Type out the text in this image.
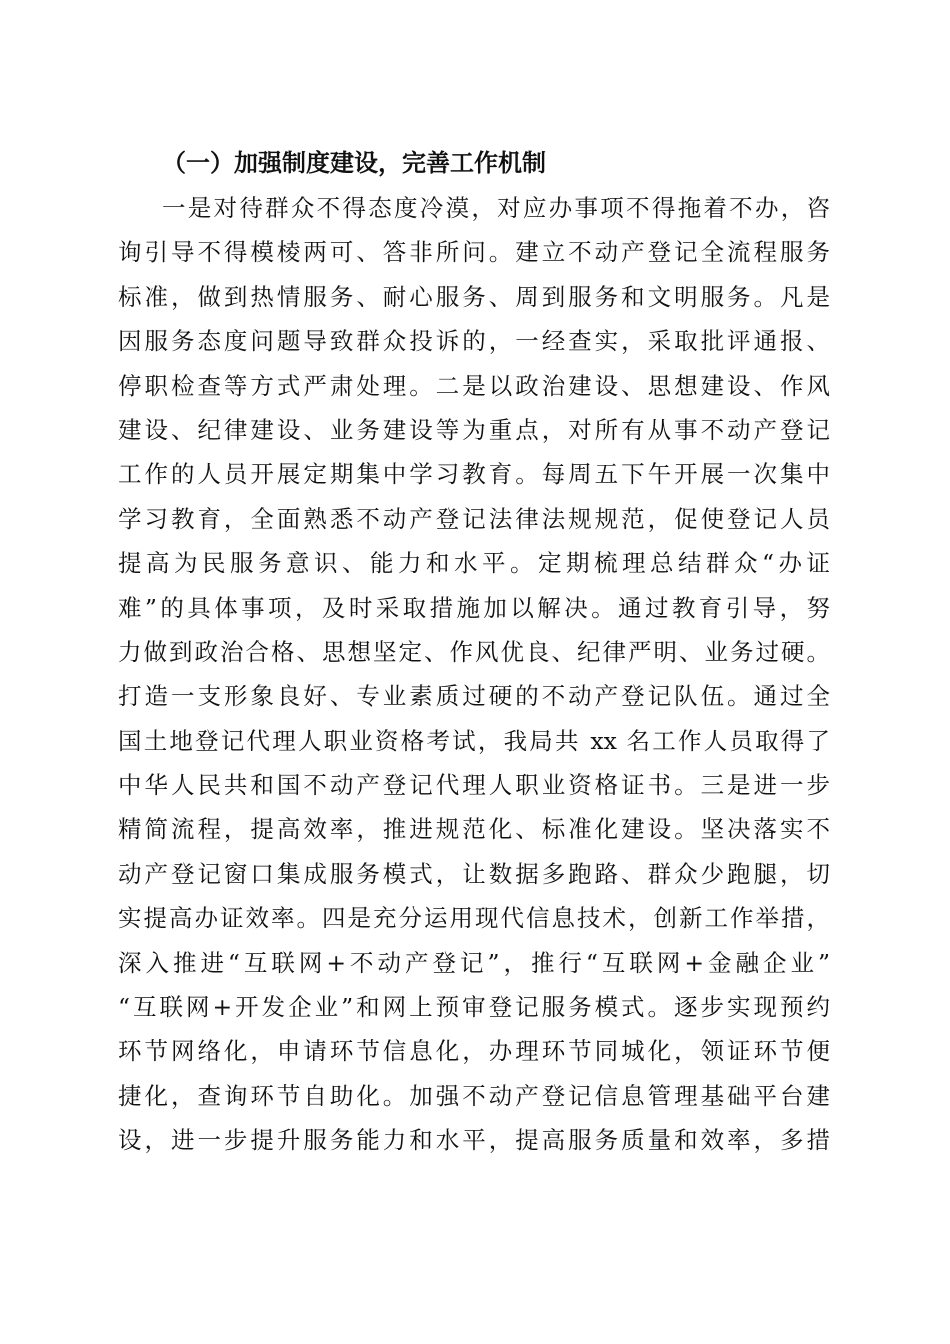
（一）加强制度建设，完善工作机制
一是对待群众不得态度冷漠，对应办事项不得拖着不办，咨
询引导不得模棱两可、答非所问。建立不动产登记全流程服务
标准，做到热情服务、耐心服务、周到服务和文明服务。凡是
因服务态度问题导致群众投诉的，一经查实，采取批评通报、
停职检查等方式严肃处理。二是以政治建设、思想建设、作风
建设、纪律建设、业务建设等为重点，对所有从事不动产登记
工作的人员开展定期集中学习教育。每周五下午开展一次集中
学习教育，全面熟悉不动产登记法律法规规范，促使登记人员
提高为民服务意识、能力和水平。定期梳理总结群众“办证
难”的具体事项，及时采取措施加以解决。通过教育引导，努
力做到政治合格、思想坚定、作风优良、纪律严明、业务过硬。
打造一支形象良好、专业素质过硬的不动产登记队伍。通过全
国土地登记代理人职业资格考试，我局共 xx 名工作人员取得了
中华人民共和国不动产登记代理人职业资格证书。三是进一步
精简流程，提高效率，推进规范化、标准化建设。坚决落实不
动产登记窗口集成服务模式，让数据多跑路、群众少跑腿，切
实提高办证效率。四是充分运用现代信息技术，创新工作举措，
深入推进“互联网+不动产登记”，推行“互联网+金融企业”
“互联网+开发企业”和网上预审登记服务模式。逐步实现预约
环节网络化，申请环节信息化，办理环节同城化，领证环节便
捷化，查询环节自助化。加强不动产登记信息管理基础平台建
设，进一步提升服务能力和水平，提高服务质量和效率，多措
